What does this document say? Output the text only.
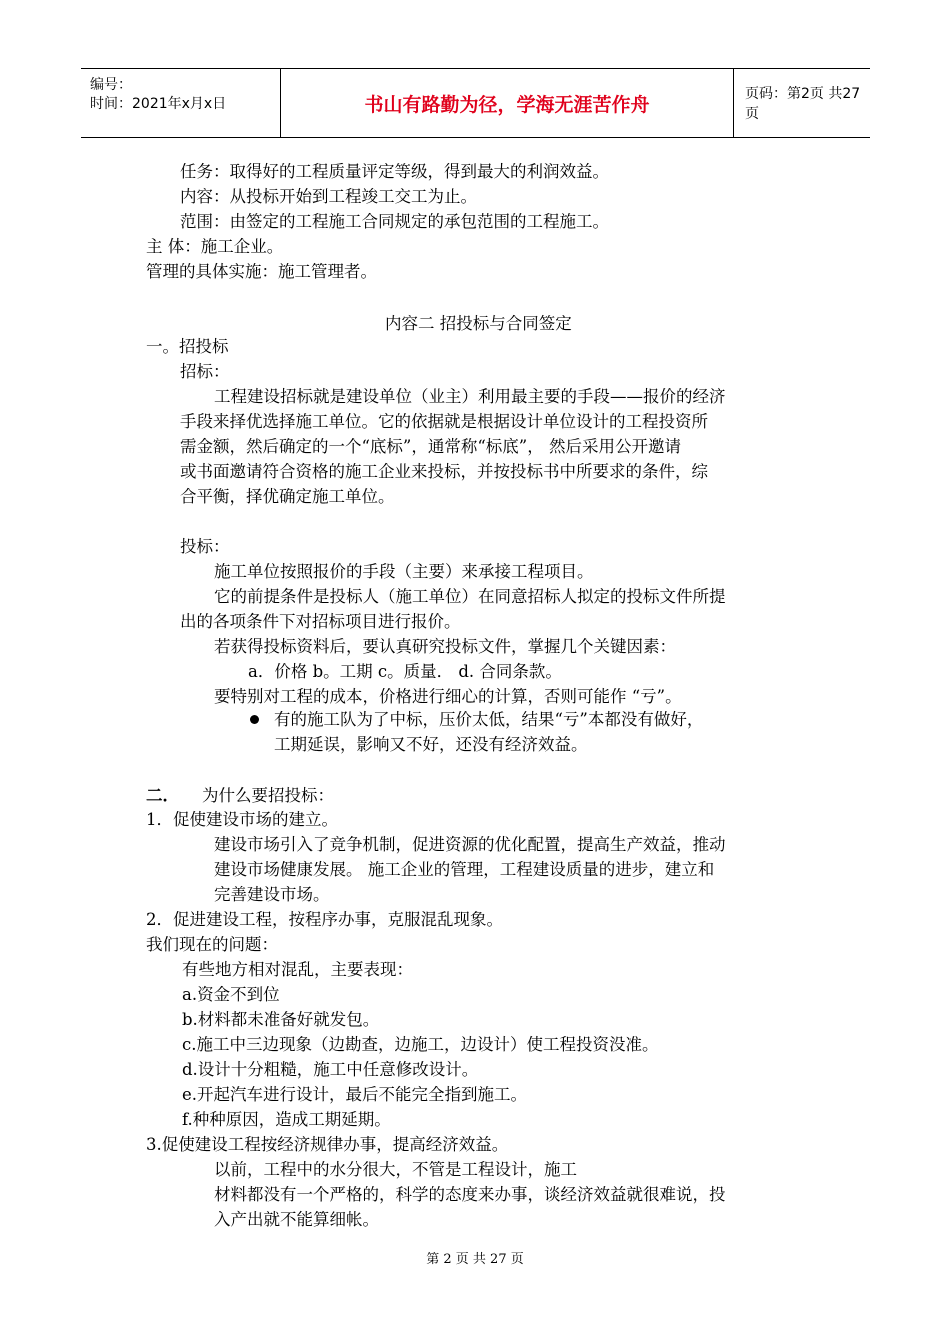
编号：
时间：2021年x月x日	书山有路勤为径，学海无涯苦作舟	页码：第2页 共27页
任务：取得好的工程质量评定等级，得到最大的利润效益。
内容：从投标开始到工程竣工交工为止。
范围：由签定的工程施工合同规定的承包范围的工程施工。
主 体：施工企业。
管理的具体实施：施工管理者。
内容二 招投标与合同签定
一。招投标
招标：
工程建设招标就是建设单位（业主）利用最主要的手段——报价的经济
手段来择优选择施工单位。它的依据就是根据设计单位设计的工程投资所
需金额，然后确定的一个“底标”，通常称“标底”， 然后采用公开邀请
或书面邀请符合资格的施工企业来投标，并按投标书中所要求的条件，综
合平衡，择优确定施工单位。
投标：
施工单位按照报价的手段（主要）来承接工程项目。
它的前提条件是投标人（施工单位）在同意招标人拟定的投标文件所提
出的各项条件下对招标项目进行报价。
若获得投标资料后，要认真研究投标文件，掌握几个关键因素：
a．价格 b。工期 c。质量． d. 合同条款。
要特别对工程的成本，价格进行细心的计算，否则可能作 “亏”。
有的施工队为了中标，压价太低，结果“亏”本都没有做好，
工期延误，影响又不好，还没有经济效益。
二． 为什么要招投标：
1．促使建设市场的建立。
建设市场引入了竞争机制，促进资源的优化配置，提高生产效益，推动
建设市场健康发展。 施工企业的管理，工程建设质量的进步，建立和
完善建设市场。
2．促进建设工程，按程序办事，克服混乱现象。
我们现在的问题：
有些地方相对混乱，主要表现：
a.资金不到位
b.材料都未准备好就发包。
c.施工中三边现象（边勘查，边施工，边设计）使工程投资没准。
d.设计十分粗糙，施工中任意修改设计。
e.开起汽车进行设计，最后不能完全指到施工。
f.种种原因，造成工期延期。
3.促使建设工程按经济规律办事，提高经济效益。
以前，工程中的水分很大，不管是工程设计，施工
材料都没有一个严格的，科学的态度来办事，谈经济效益就很难说，投
入产出就不能算细帐。
第 2 页 共 27 页
